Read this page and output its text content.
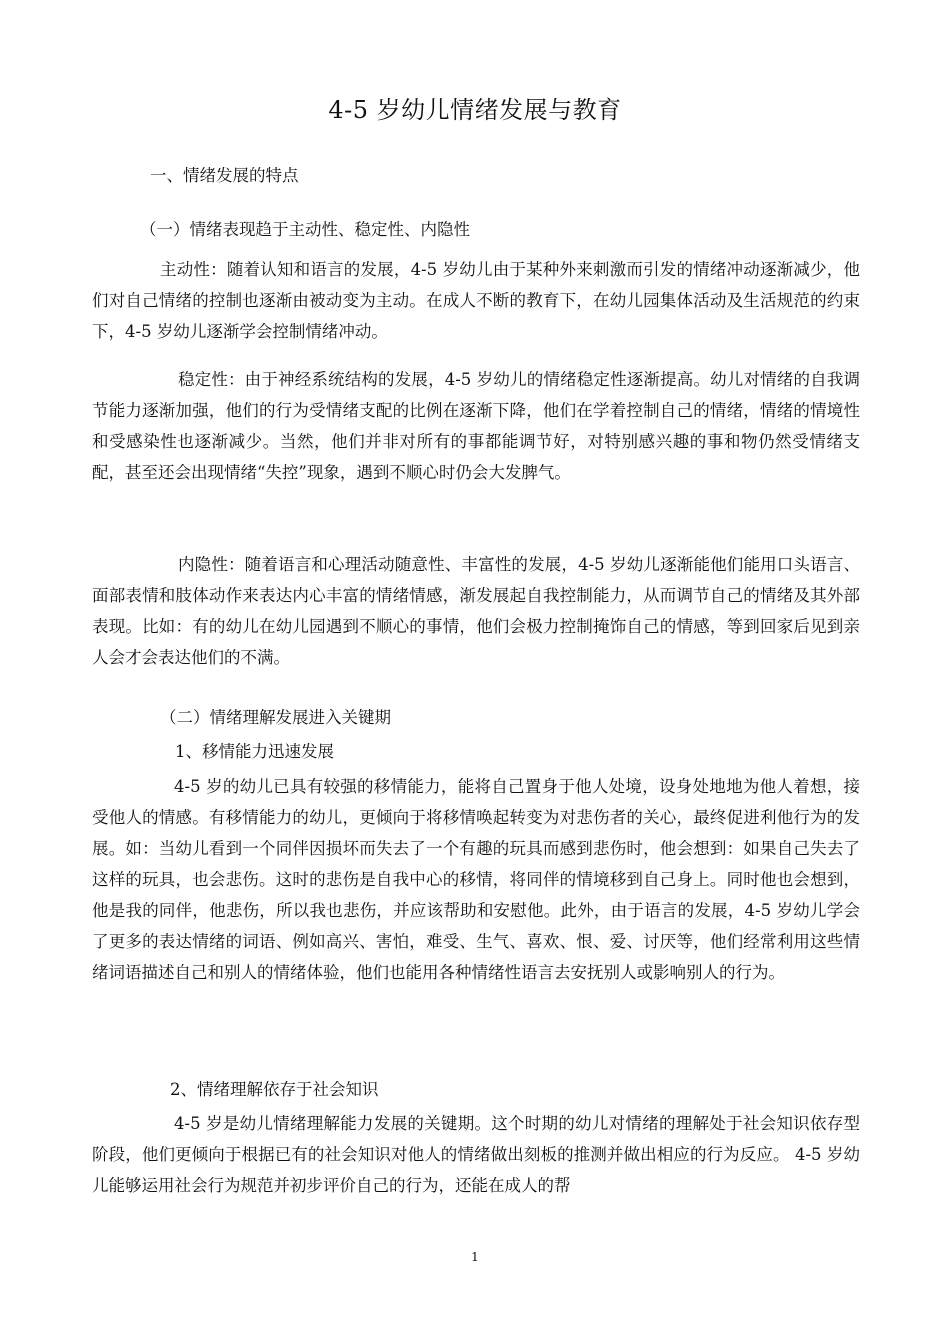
4-5 岁幼儿情绪发展与教育
一、情绪发展的特点
（一）情绪表现趋于主动性、稳定性、内隐性
主动性：随着认知和语言的发展，4-5 岁幼儿由于某种外来刺激而引发的情绪冲动逐渐减少，他们对自己情绪的控制也逐渐由被动变为主动。在成人不断的教育下，在幼儿园集体活动及生活规范的约束下，4-5 岁幼儿逐渐学会控制情绪冲动。
稳定性：由于神经系统结构的发展，4-5 岁幼儿的情绪稳定性逐渐提高。幼儿对情绪的自我调节能力逐渐加强，他们的行为受情绪支配的比例在逐渐下降，他们在学着控制自己的情绪，情绪的情境性和受感染性也逐渐减少。当然，他们并非对所有的事都能调节好，对特别感兴趣的事和物仍然受情绪支配，甚至还会出现情绪“失控”现象，遇到不顺心时仍会大发脾气。
内隐性：随着语言和心理活动随意性、丰富性的发展，4-5 岁幼儿逐渐能他们能用口头语言、面部表情和肢体动作来表达内心丰富的情绪情感，渐发展起自我控制能力，从而调节自己的情绪及其外部表现。比如：有的幼儿在幼儿园遇到不顺心的事情，他们会极力控制掩饰自己的情感，等到回家后见到亲人会才会表达他们的不满。
（二）情绪理解发展进入关键期
1、移情能力迅速发展
4-5 岁的幼儿已具有较强的移情能力，能将自己置身于他人处境，设身处地地为他人着想，接受他人的情感。有移情能力的幼儿，更倾向于将移情唤起转变为对悲伤者的关心，最终促进利他行为的发展。如：当幼儿看到一个同伴因损坏而失去了一个有趣的玩具而感到悲伤时，他会想到：如果自己失去了这样的玩具，也会悲伤。这时的悲伤是自我中心的移情，将同伴的情境移到自己身上。同时他也会想到，他是我的同伴，他悲伤，所以我也悲伤，并应该帮助和安慰他。此外，由于语言的发展，4-5 岁幼儿学会了更多的表达情绪的词语、例如高兴、害怕，难受、生气、喜欢、恨、爱、讨厌等，他们经常利用这些情绪词语描述自己和别人的情绪体验，他们也能用各种情绪性语言去安抚别人或影响别人的行为。
2、情绪理解依存于社会知识
4-5 岁是幼儿情绪理解能力发展的关键期。这个时期的幼儿对情绪的理解处于社会知识依存型阶段，他们更倾向于根据已有的社会知识对他人的情绪做出刻板的推测并做出相应的行为反应。 4-5 岁幼儿能够运用社会行为规范并初步评价自己的行为，还能在成人的帮
1
